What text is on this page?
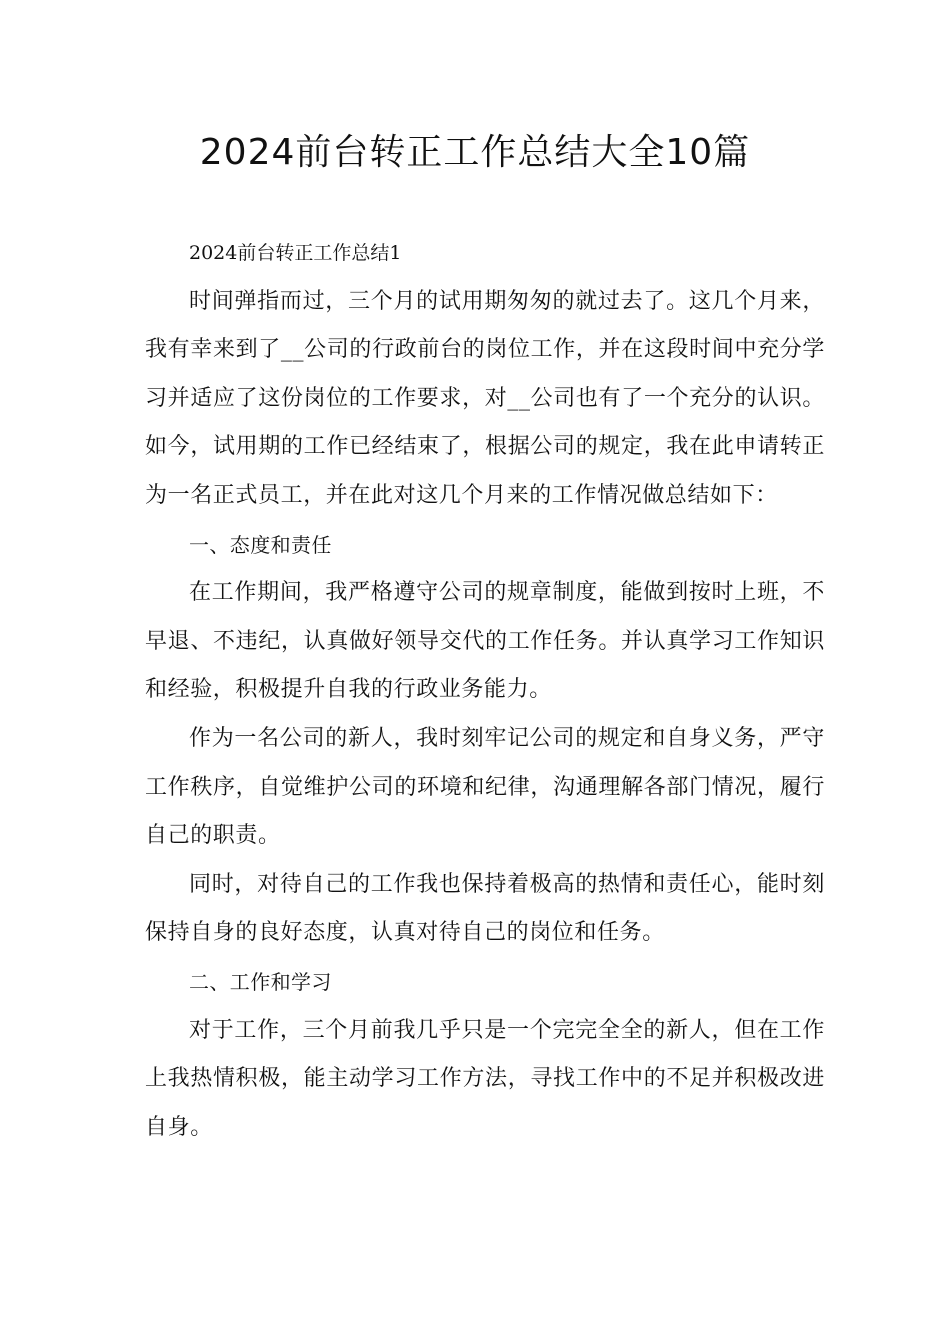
2024前台转正工作总结大全10篇

2024前台转正工作总结1

时间弹指而过，三个月的试用期匆匆的就过去了。这几个月来，我有幸来到了__公司的行政前台的岗位工作，并在这段时间中充分学习并适应了这份岗位的工作要求，对__公司也有了一个充分的认识。如今，试用期的工作已经结束了，根据公司的规定，我在此申请转正为一名正式员工，并在此对这几个月来的工作情况做总结如下：

一、态度和责任

在工作期间，我严格遵守公司的规章制度，能做到按时上班，不早退、不违纪，认真做好领导交代的工作任务。并认真学习工作知识和经验，积极提升自我的行政业务能力。

作为一名公司的新人，我时刻牢记公司的规定和自身义务，严守工作秩序，自觉维护公司的环境和纪律，沟通理解各部门情况，履行自己的职责。

同时，对待自己的工作我也保持着极高的热情和责任心，能时刻保持自身的良好态度，认真对待自己的岗位和任务。

二、工作和学习

对于工作，三个月前我几乎只是一个完完全全的新人，但在工作上我热情积极，能主动学习工作方法，寻找工作中的不足并积极改进自身。
